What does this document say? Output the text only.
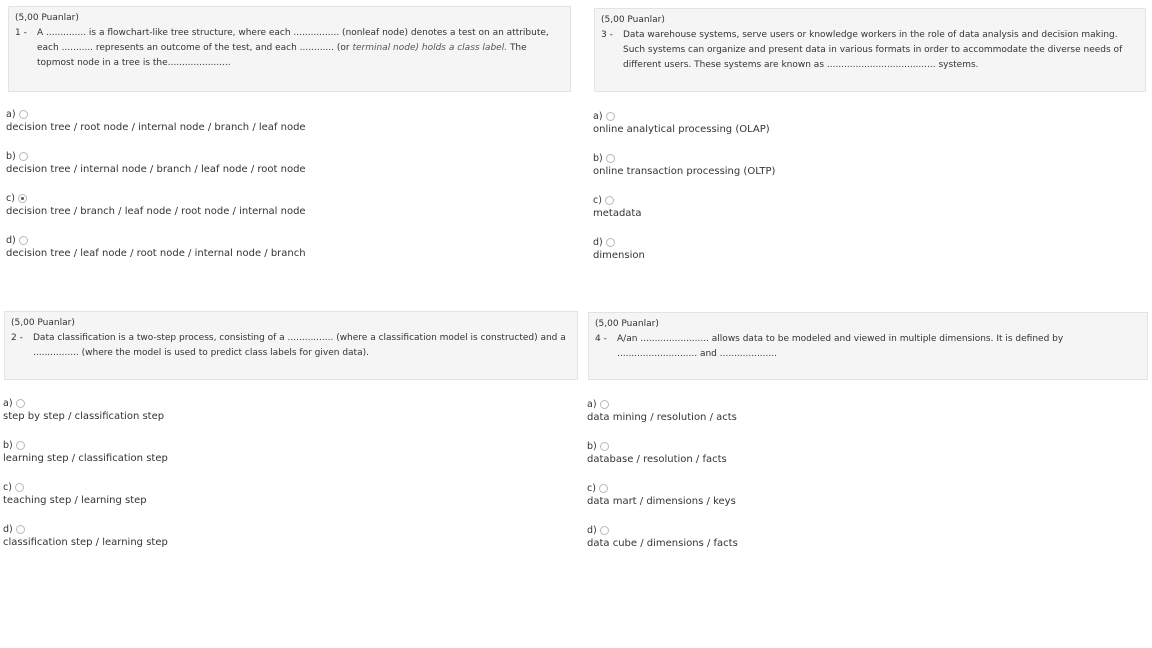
(5,00 Puanlar)
1 -	A .............. is a flowchart-like tree structure, where each ................ (nonleaf node) denotes a test on an attribute, each ........... represents an outcome of the test, and each ............ (or terminal node) holds a class label. The topmost node in a tree is the......................
a)
decision tree / root node / internal node / branch / leaf node
b)
decision tree / internal node / branch / leaf node / root node
c)
decision tree / branch / leaf node / root node / internal node
d)
decision tree / leaf node / root node / internal node / branch
(5,00 Puanlar)
3 -	Data warehouse systems, serve users or knowledge workers in the role of data analysis and decision making. Such systems can organize and present data in various formats in order to accommodate the diverse needs of different users. These systems are known as ...................................... systems.
a)
online analytical processing (OLAP)
b)
online transaction processing (OLTP)
c)
metadata
d)
dimension
(5,00 Puanlar)
2 -	Data classification is a two-step process, consisting of a ................ (where a classification model is constructed) and a ................ (where the model is used to predict class labels for given data).
a)
step by step / classification step
b)
learning step / classification step
c)
teaching step / learning step
d)
classification step / learning step
(5,00 Puanlar)
4 -	A/an ........................ allows data to be modeled and viewed in multiple dimensions. It is defined by ............................ and ....................
a)
data mining / resolution / acts
b)
database / resolution / facts
c)
data mart / dimensions / keys
d)
data cube / dimensions / facts
